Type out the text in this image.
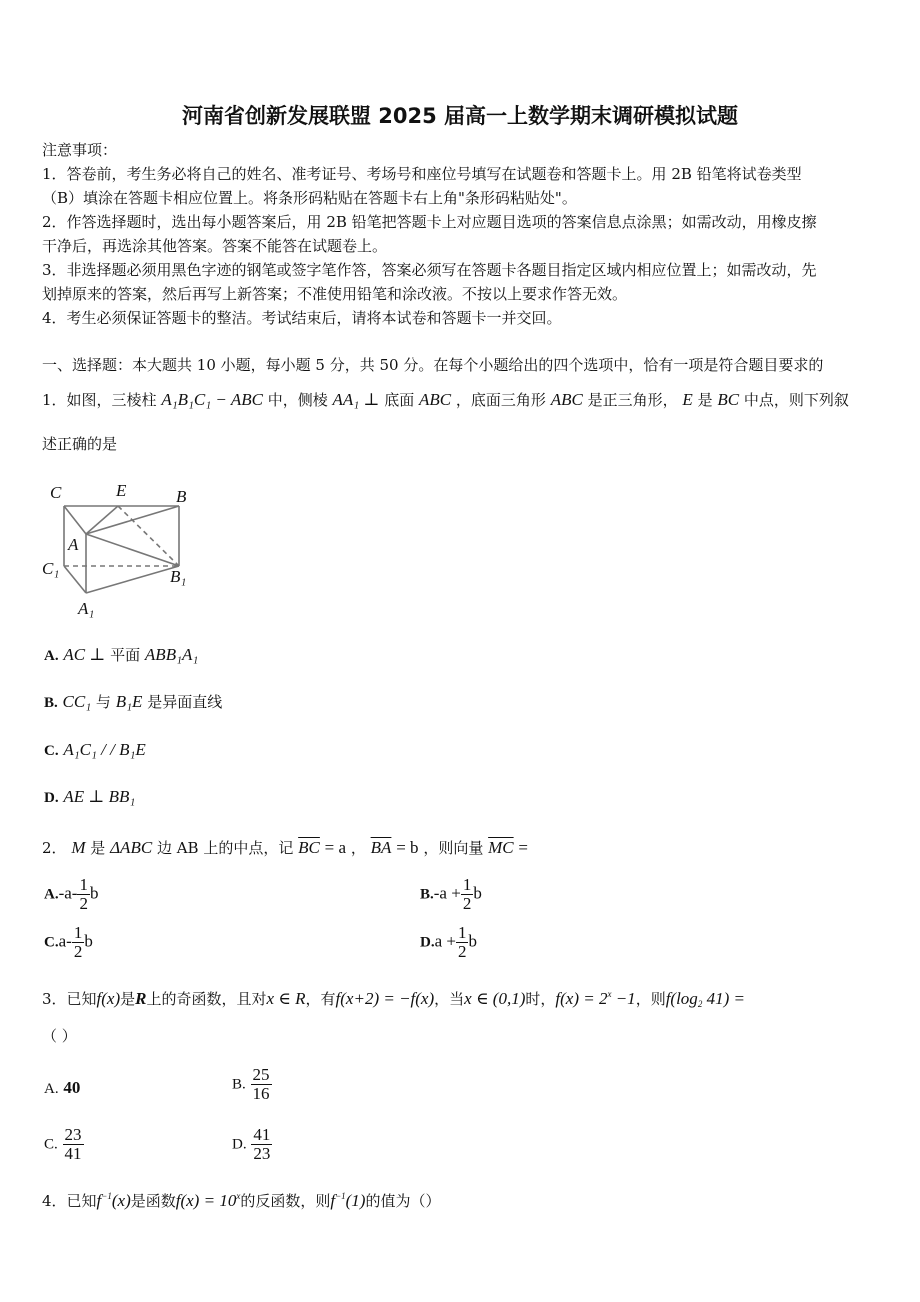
河南省创新发展联盟 2025 届高一上数学期末调研模拟试题
注意事项：
1．答卷前，考生务必将自己的姓名、准考证号、考场号和座位号填写在试题卷和答题卡上。用 2B 铅笔将试卷类型
（B）填涂在答题卡相应位置上。将条形码粘贴在答题卡右上角"条形码粘贴处"。
2．作答选择题时，选出每小题答案后，用 2B 铅笔把答题卡上对应题目选项的答案信息点涂黑；如需改动，用橡皮擦
干净后，再选涂其他答案。答案不能答在试题卷上。
3．非选择题必须用黑色字迹的钢笔或签字笔作答，答案必须写在答题卡各题目指定区域内相应位置上；如需改动，先
划掉原来的答案，然后再写上新答案；不准使用铅笔和涂改液。不按以上要求作答无效。
4．考生必须保证答题卡的整洁。考试结束后，请将本试卷和答题卡一并交回。
一、选择题：本大题共 10 小题，每小题 5 分，共 50 分。在每个小题给出的四个选项中，恰有一项是符合题目要求的
1．如图，三棱柱 A₁B₁C₁ − ABC 中，侧棱 AA₁ ⊥ 底面 ABC ，底面三角形 ABC 是正三角形， E 是 BC 中点，则下列叙
述正确的是
C	E	B
A
C₁	B₁
A₁
A. AC ⊥ 平面 ABB₁A₁
B. CC₁ 与 B₁E 是异面直线
C. A₁C₁ / / B₁E
D. AE ⊥ BB₁
2． M 是 ΔABC 边 AB 上的中点，记 $\overline{BC} = a$ ， $\overline{BA} = b$ ，则向量 $\overline{MC}$ =
$A.-a- \frac{1}{2}$ b	$B.-a + \frac{1}{2}$ b
$C.a- \frac{1}{2}$ b	$D.a + \frac{1}{2}$ b
3．已知f(x)是R上的奇函数，且对x ∈ R，有f(x+2) = −f(x)，当x ∈ (0,1)时，$f(x) = 2^x -1$，则$f(\log_2$ 41) =
（ ）
A. 40	B. $\frac{25}{16}$
C. $\frac{23}{41}$	D. $\frac{41}{23}$
4．已知$f^{-1}(x)$是函数$f(x) = 10^x$的反函数，则$f^{-1}(1)$的值为（）
